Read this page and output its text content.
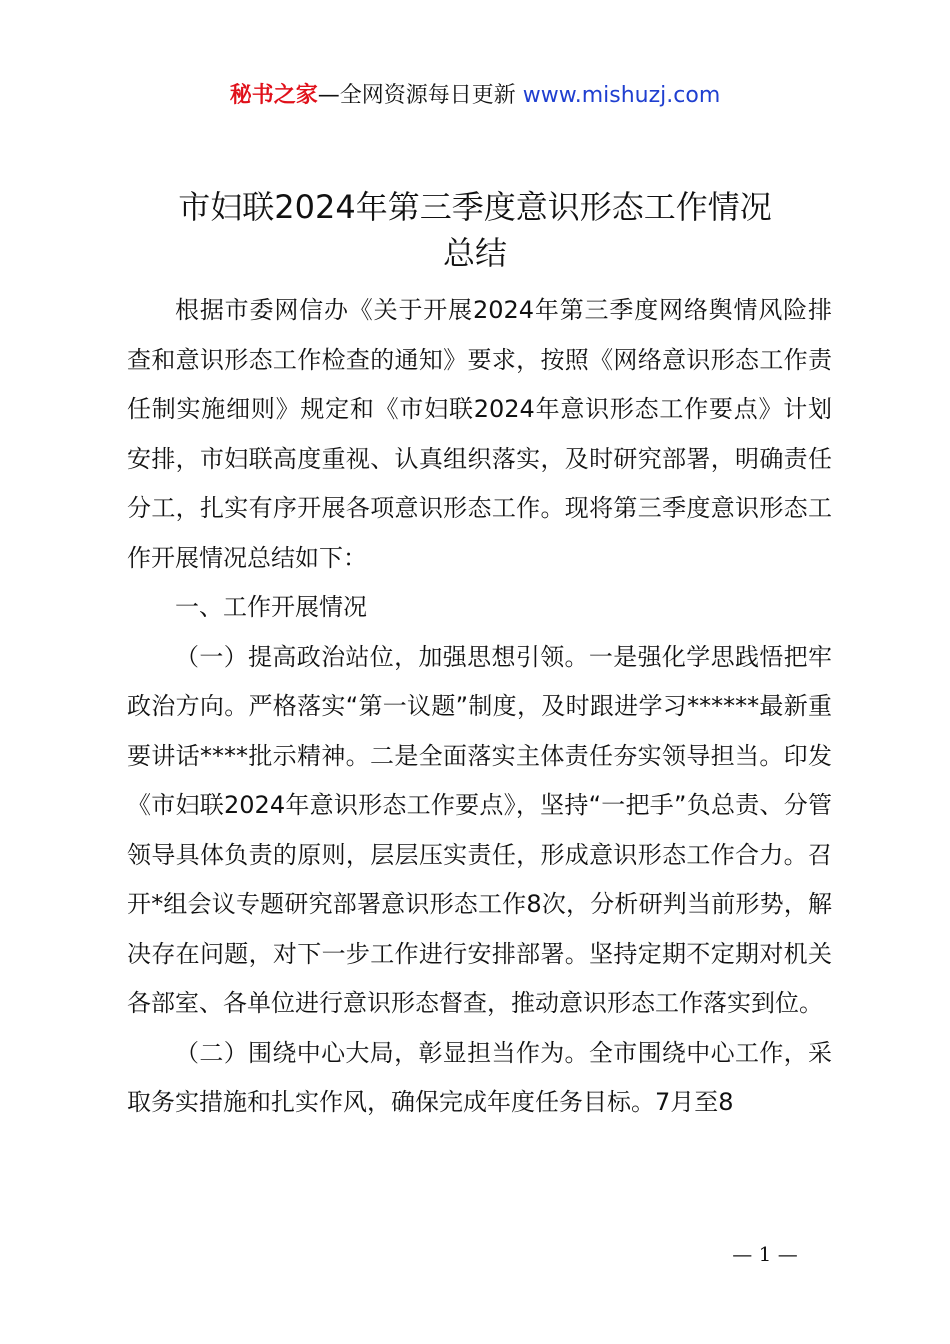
秘书之家—全网资源每日更新 www.mishuzj.com
市妇联2024年第三季度意识形态工作情况
总结

根据市委网信办《关于开展2024年第三季度网络舆情风险排查和意识形态工作检查的通知》要求，按照《网络意识形态工作责任制实施细则》规定和《市妇联2024年意识形态工作要点》计划安排，市妇联高度重视、认真组织落实，及时研究部署，明确责任分工，扎实有序开展各项意识形态工作。现将第三季度意识形态工作开展情况总结如下：

一、工作开展情况

（一）提高政治站位，加强思想引领。一是强化学思践悟把牢政治方向。严格落实“第一议题”制度，及时跟进学习******最新重要讲话****批示精神。二是全面落实主体责任夯实领导担当。印发《市妇联2024年意识形态工作要点》，坚持“一把手”负总责、分管领导具体负责的原则，层层压实责任，形成意识形态工作合力。召开*组会议专题研究部署意识形态工作8次，分析研判当前形势，解决存在问题，对下一步工作进行安排部署。坚持定期不定期对机关各部室、各单位进行意识形态督查，推动意识形态工作落实到位。

（二）围绕中心大局，彰显担当作为。全市围绕中心工作，采取务实措施和扎实作风，确保完成年度任务目标。7月至8

— 1 —
